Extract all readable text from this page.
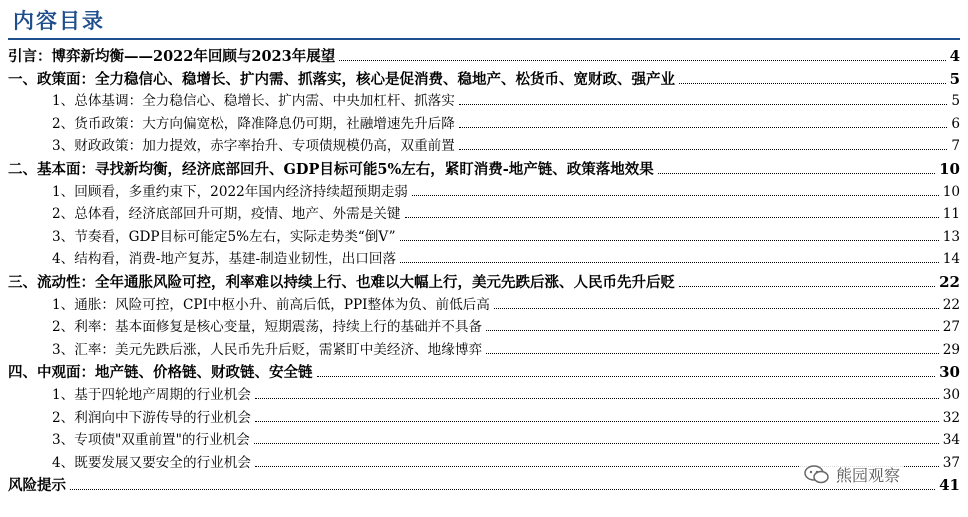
内容目录
引言：博弈新均衡——2022年回顾与2023年展望	4
一、政策面：全力稳信心、稳增长、扩内需、抓落实，核心是促消费、稳地产、松货币、宽财政、强产业	5
1、总体基调：全力稳信心、稳增长、扩内需、中央加杠杆、抓落实	5
2、货币政策：大方向偏宽松，降准降息仍可期，社融增速先升后降	6
3、财政政策：加力提效，赤字率抬升、专项债规模仍高，双重前置	7
二、基本面：寻找新均衡，经济底部回升、GDP目标可能5%左右，紧盯消费-地产链、政策落地效果	10
1、回顾看，多重约束下，2022年国内经济持续超预期走弱	10
2、总体看，经济底部回升可期，疫情、地产、外需是关键	11
3、节奏看，GDP目标可能定5%左右，实际走势类“倒V”	13
4、结构看，消费-地产复苏，基建-制造业韧性，出口回落	14
三、流动性：全年通胀风险可控，利率难以持续上行、也难以大幅上行，美元先跌后涨、人民币先升后贬	22
1、通胀：风险可控，CPI中枢小升、前高后低，PPI整体为负、前低后高	22
2、利率：基本面修复是核心变量，短期震荡，持续上行的基础并不具备	27
3、汇率：美元先跌后涨，人民币先升后贬，需紧盯中美经济、地缘博弈	29
四、中观面：地产链、价格链、财政链、安全链	30
1、基于四轮地产周期的行业机会	30
2、利润向中下游传导的行业机会	32
3、专项债"双重前置"的行业机会	34
4、既要发展又要安全的行业机会	37
风险提示	41
熊园观察
